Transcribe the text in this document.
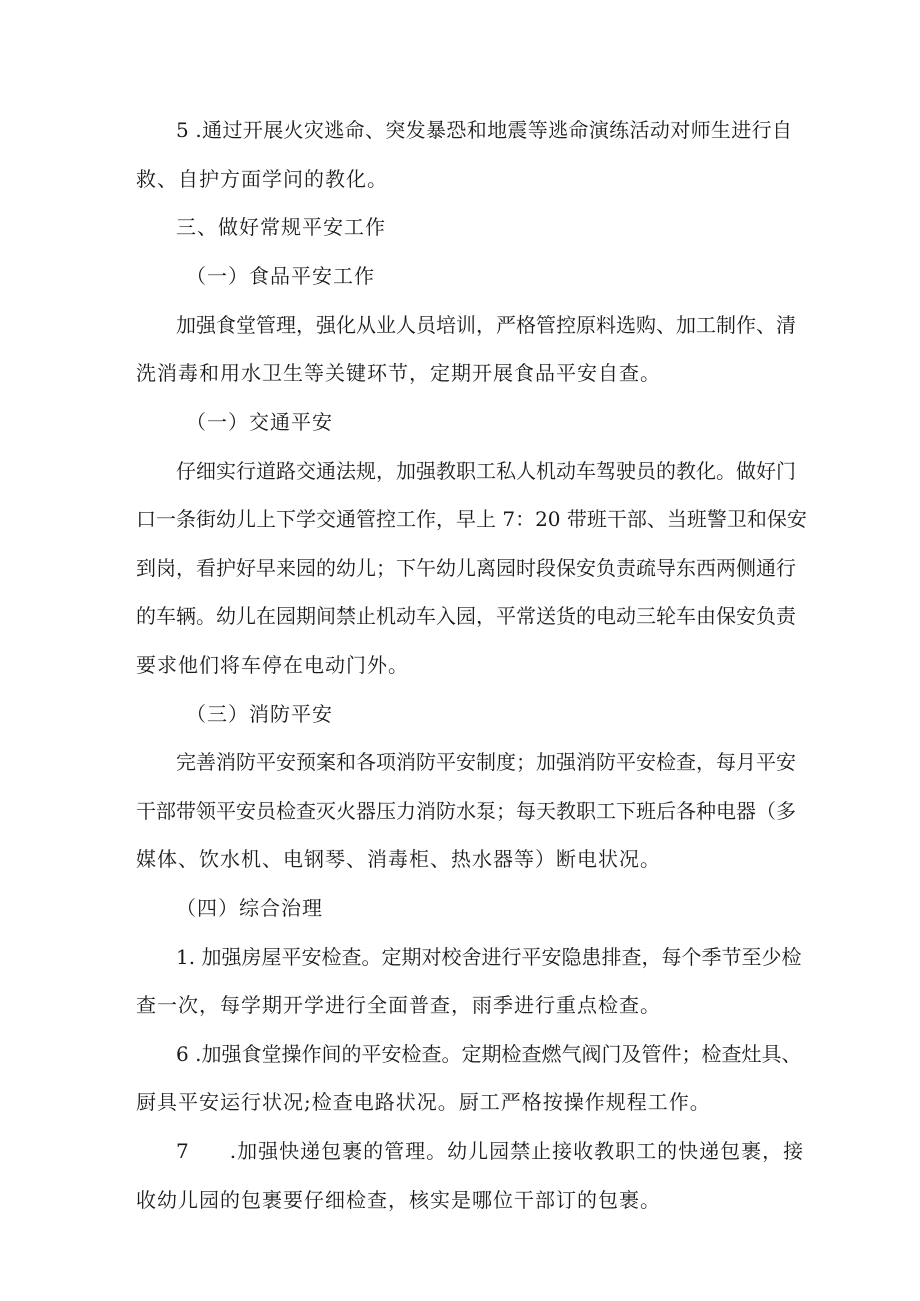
5 .通过开展火灾逃命、突发暴恐和地震等逃命演练活动对师生进行自
救、自护方面学问的教化。
三、做好常规平安工作
（一）食品平安工作
加强食堂管理，强化从业人员培训，严格管控原料选购、加工制作、清
洗消毒和用水卫生等关键环节，定期开展食品平安自查。
（一）交通平安
仔细实行道路交通法规，加强教职工私人机动车驾驶员的教化。做好门
口一条街幼儿上下学交通管控工作，早上 7：20 带班干部、当班警卫和保安
到岗，看护好早来园的幼儿；下午幼儿离园时段保安负责疏导东西两侧通行
的车辆。幼儿在园期间禁止机动车入园，平常送货的电动三轮车由保安负责
要求他们将车停在电动门外。
（三）消防平安
完善消防平安预案和各项消防平安制度；加强消防平安检查，每月平安
干部带领平安员检查灭火器压力消防水泵；每天教职工下班后各种电器（多
媒体、饮水机、电钢琴、消毒柜、热水器等）断电状况。
（四）综合治理
1. 加强房屋平安检查。定期对校舍进行平安隐患排查，每个季节至少检
查一次，每学期开学进行全面普查，雨季进行重点检查。
6 .加强食堂操作间的平安检查。定期检查燃气阀门及管件；检查灶具、
厨具平安运行状况;检查电路状况。厨工严格按操作规程工作。
7 .加强快递包裹的管理。幼儿园禁止接收教职工的快递包裹，接
收幼儿园的包裹要仔细检查，核实是哪位干部订的包裹。
